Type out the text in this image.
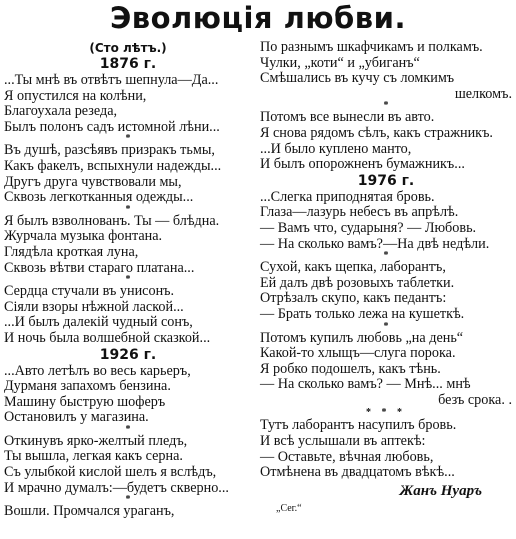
Эволюція любви.
(Сто лѣтъ.)
1876 г.
...Ты мнѣ въ отвѣтъ шепнула—Да...
Я опустился на колѣни,
Благоухала резеда,
Былъ полонъ садъ истомной лѣни...
*
Въ душѣ, разсѣявъ призракъ тьмы,
Какъ факелъ, вспыхнули надежды...
Другъ друга чувствовали мы,
Сквозь легкотканныя одежды...
*
Я былъ взволнованъ. Ты — блѣдна.
Журчала музыка фонтана.
Глядѣла кроткая луна,
Сквозь вѣтви стараго платана...
*
Сердца стучали въ унисонъ.
Сіяли взоры нѣжной лаской...
...И былъ далекій чудный сонъ,
И ночь была волшебной сказкой...
1926 г.
...Авто летѣлъ во весь карьеръ,
Дурманя запахомъ бензина.
Машину быструю шоферъ
Остановилъ у магазина.
*
Откинувъ ярко-желтый пледъ,
Ты вышла, легкая какъ серна.
Съ улыбкой кислой шелъ я вслѣдъ,
И мрачно думалъ:—будетъ скверно...
*
Вошли. Промчался ураганъ,
По разнымъ шкафчикамъ и полкамъ.
Чулки, „коти“ и „убиганъ“
Смѣшались въ кучу съ ломкимъ
шелкомъ.
*
Потомъ все вынесли въ авто.
Я снова рядомъ сѣлъ, какъ стражникъ.
...И было куплено манто,
И былъ опорожненъ бумажникъ...
1976 г.
...Слегка приподнятая бровь.
Глаза—лазурь небесъ въ апрѣлѣ.
— Вамъ что, сударыня? — Любовь.
— На сколько вамъ?—На двѣ недѣли.
*
Сухой, какъ щепка, лаборантъ,
Ей далъ двѣ розовыхъ таблетки.
Отрѣзалъ скупо, какъ педантъ:
— Брать только лежа на кушеткѣ.
*
Потомъ купилъ любовь „на день“
Какой-то хлыщъ—слуга порока.
Я робко подошелъ, какъ тѣнь.
— На сколько вамъ? — Мнѣ... мнѣ
безъ срока. .
* * *
Тутъ лаборантъ насупилъ бровь.
И всѣ услышали въ аптекѣ:
— Оставьте, вѣчная любовь,
Отмѣнена въ двадцатомъ вѣкѣ...
Жанъ Нуаръ
„Сег.“
